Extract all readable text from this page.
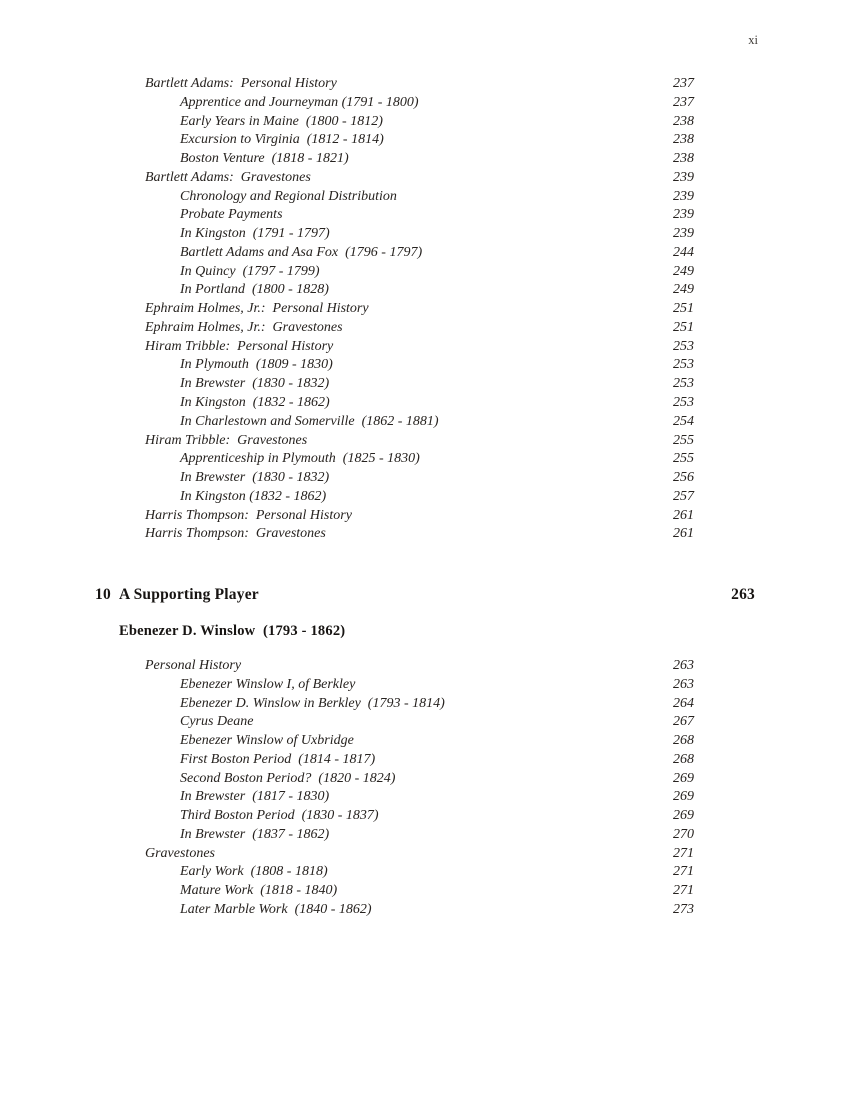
xi
Bartlett Adams:  Personal History	237
Apprentice and Journeyman (1791 - 1800)	237
Early Years in Maine  (1800 - 1812)	238
Excursion to Virginia  (1812 - 1814)	238
Boston Venture  (1818 - 1821)	238
Bartlett Adams:  Gravestones	239
Chronology and Regional Distribution	239
Probate Payments	239
In Kingston  (1791 - 1797)	239
Bartlett Adams and Asa Fox  (1796 - 1797)	244
In Quincy  (1797 - 1799)	249
In Portland  (1800 - 1828)	249
Ephraim Holmes, Jr.:  Personal History	251
Ephraim Holmes, Jr.:  Gravestones	251
Hiram Tribble:  Personal History	253
In Plymouth  (1809 - 1830)	253
In Brewster  (1830 - 1832)	253
In Kingston  (1832 - 1862)	253
In Charlestown and Somerville  (1862 - 1881)	254
Hiram Tribble:  Gravestones	255
Apprenticeship in Plymouth  (1825 - 1830)	255
In Brewster  (1830 - 1832)	256
In Kingston (1832 - 1862)	257
Harris Thompson:  Personal History	261
Harris Thompson:  Gravestones	261
10 A Supporting Player	263
Ebenezer D. Winslow  (1793 - 1862)
Personal History	263
Ebenezer Winslow I, of Berkley	263
Ebenezer D. Winslow in Berkley  (1793 - 1814)	264
Cyrus Deane	267
Ebenezer Winslow of Uxbridge	268
First Boston Period  (1814 - 1817)	268
Second Boston Period?  (1820 - 1824)	269
In Brewster  (1817 - 1830)	269
Third Boston Period  (1830 - 1837)	269
In Brewster  (1837 - 1862)	270
Gravestones	271
Early Work  (1808 - 1818)	271
Mature Work  (1818 - 1840)	271
Later Marble Work  (1840 - 1862)	273
